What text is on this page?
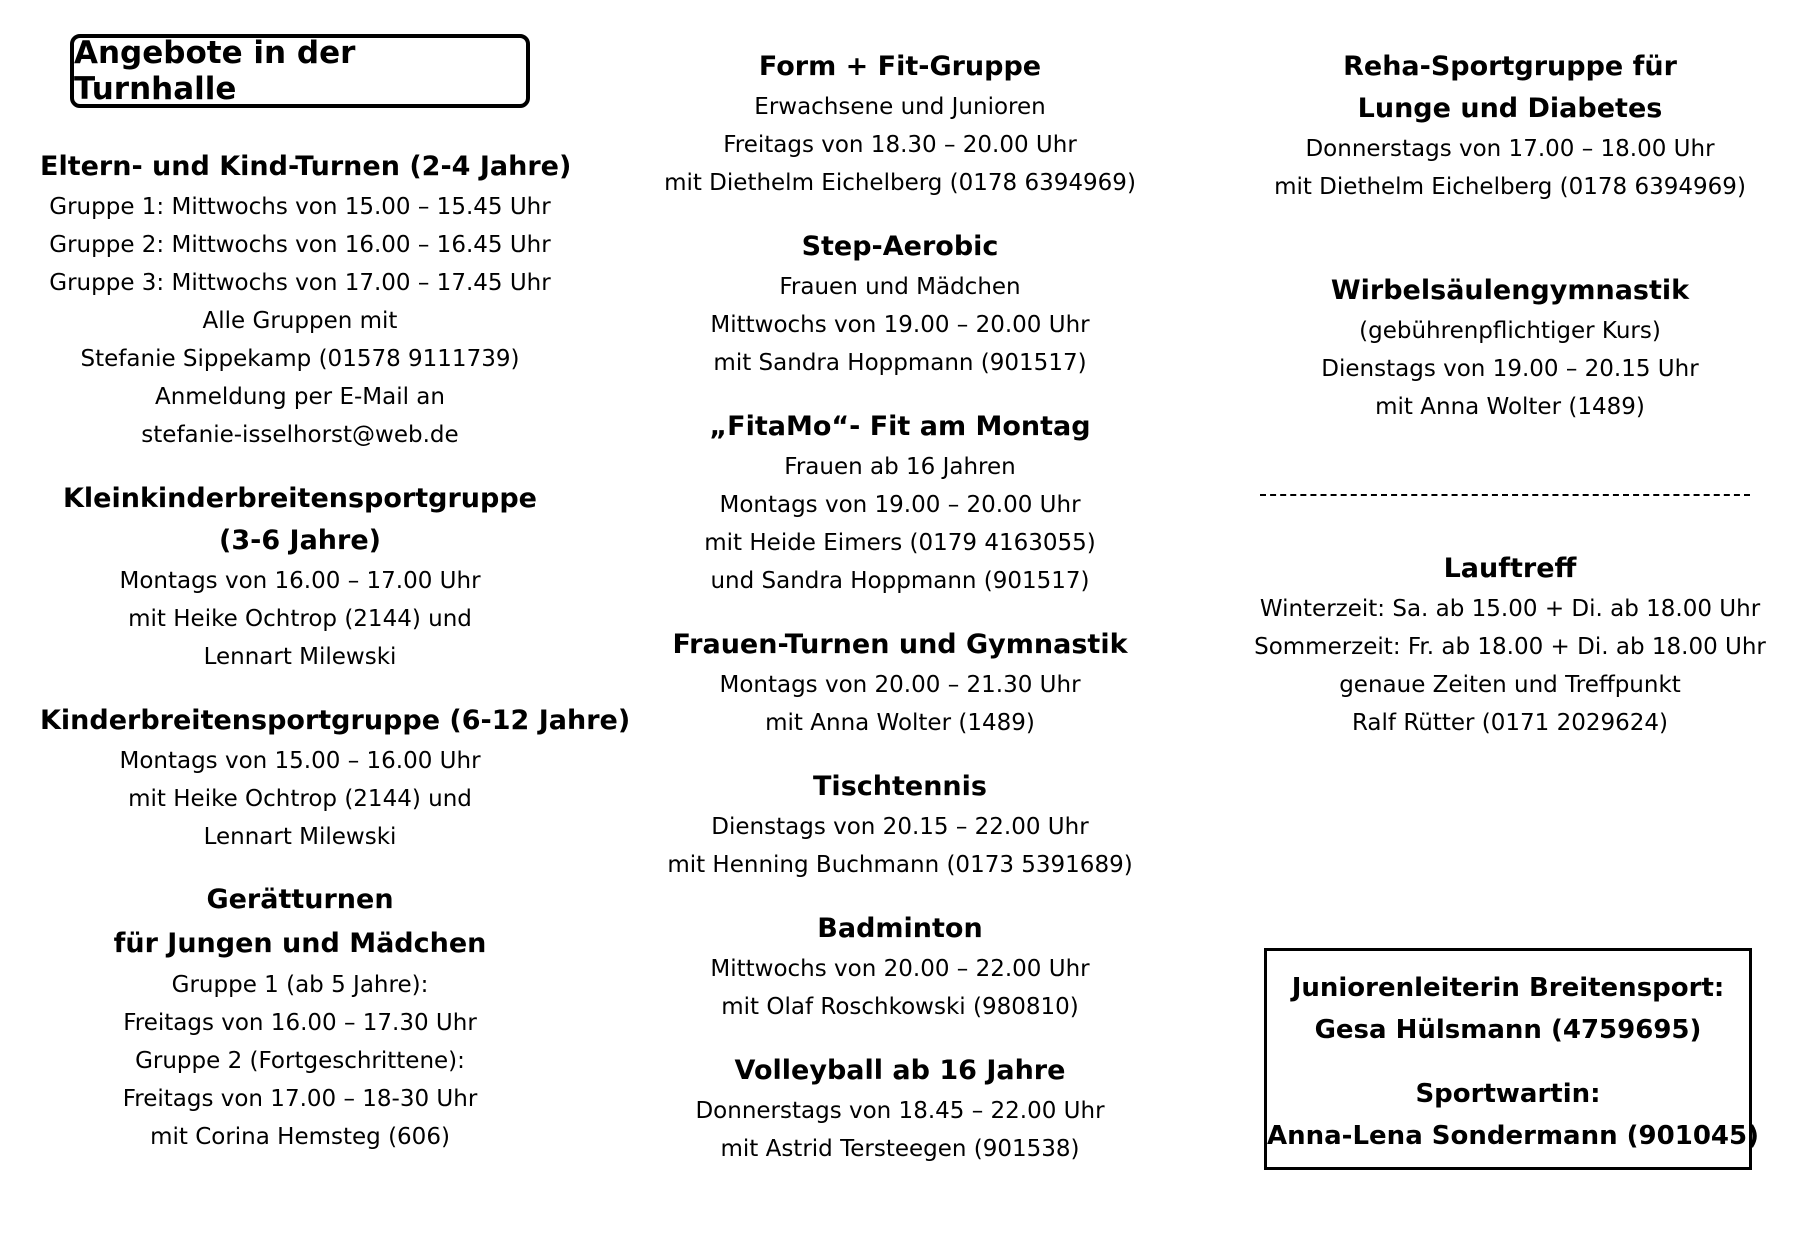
Angebote in der Turnhalle
Eltern- und Kind-Turnen (2-4 Jahre)
Gruppe 1: Mittwochs von 15.00 – 15.45 Uhr
Gruppe 2: Mittwochs von 16.00 – 16.45 Uhr
Gruppe 3: Mittwochs von 17.00 – 17.45 Uhr
Alle Gruppen mit
Stefanie Sippekamp (01578 9111739)
Anmeldung per E-Mail an
stefanie-isselhorst@web.de
Kleinkinderbreitensportgruppe
(3-6 Jahre)
Montags von 16.00 – 17.00 Uhr
mit Heike Ochtrop (2144) und
Lennart Milewski
Kinderbreitensportgruppe (6-12 Jahre)
Montags von 15.00 – 16.00 Uhr
mit Heike Ochtrop (2144) und
Lennart Milewski
Gerätturnen
für Jungen und Mädchen
Gruppe 1 (ab 5 Jahre):
Freitags von 16.00 – 17.30 Uhr
Gruppe 2 (Fortgeschrittene):
Freitags von 17.00 – 18-30 Uhr
mit Corina Hemsteg (606)
Form + Fit-Gruppe
Erwachsene und Junioren
Freitags von 18.30 – 20.00 Uhr
mit Diethelm Eichelberg (0178 6394969)
Step-Aerobic
Frauen und Mädchen
Mittwochs von 19.00 – 20.00 Uhr
mit Sandra Hoppmann (901517)
„FitaMo“- Fit am Montag
Frauen ab 16 Jahren
Montags von 19.00 – 20.00 Uhr
mit Heide Eimers (0179 4163055)
und Sandra Hoppmann (901517)
Frauen-Turnen und Gymnastik
Montags von 20.00 – 21.30 Uhr
mit Anna Wolter (1489)
Tischtennis
Dienstags von 20.15 – 22.00 Uhr
mit Henning Buchmann (0173 5391689)
Badminton
Mittwochs von 20.00 – 22.00 Uhr
mit Olaf Roschkowski (980810)
Volleyball ab 16 Jahre
Donnerstags von 18.45 – 22.00 Uhr
mit Astrid Tersteegen (901538)
Reha-Sportgruppe für
Lunge und Diabetes
Donnerstags von 17.00 – 18.00 Uhr
mit Diethelm Eichelberg (0178 6394969)
Wirbelsäulengymnastik
(gebührenpflichtiger Kurs)
Dienstags von 19.00 – 20.15 Uhr
mit Anna Wolter (1489)
Lauftreff
Winterzeit: Sa. ab 15.00 + Di. ab 18.00 Uhr
Sommerzeit: Fr. ab 18.00 + Di. ab 18.00 Uhr
genaue Zeiten und Treffpunkt
Ralf Rütter (0171 2029624)
Juniorenleiterin Breitensport:
Gesa Hülsmann (4759695)
Sportwartin:
Anna-Lena Sondermann (901045)
